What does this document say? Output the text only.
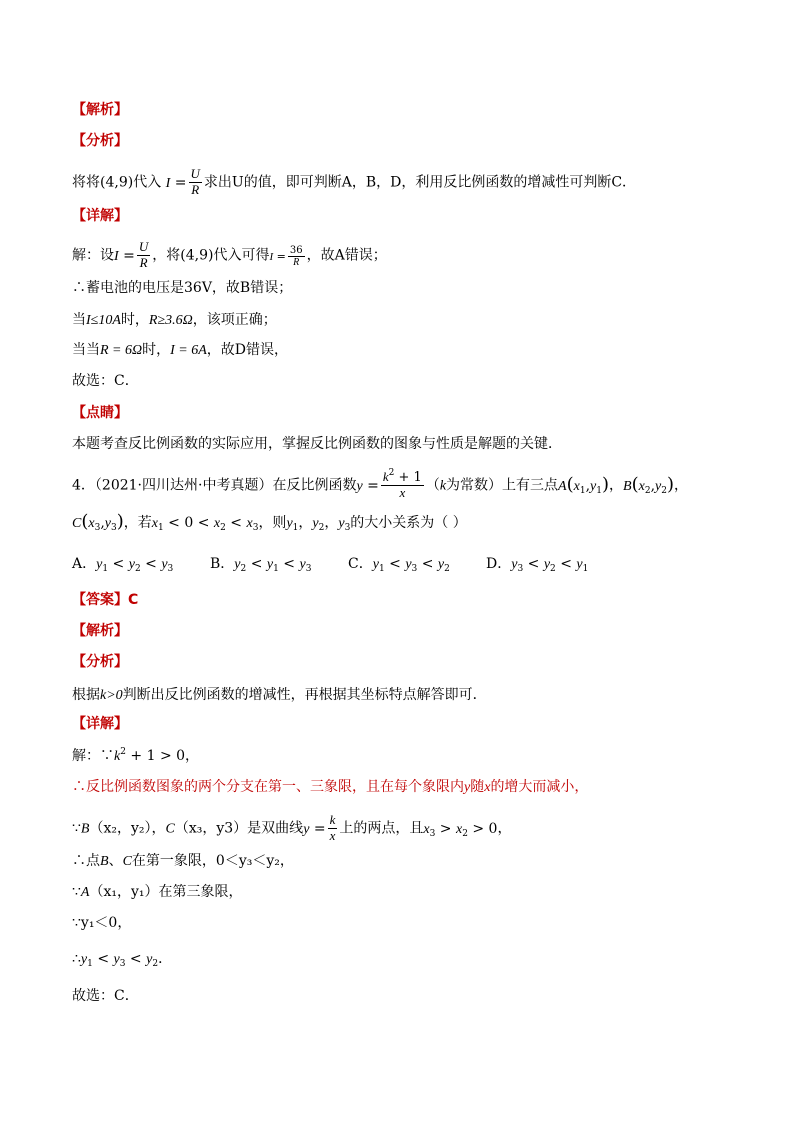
【解析】
【分析】
将将(4,9)代入 $I = \frac{U}{R}$ 求出U的值，即可判断A，B，D，利用反比例函数的增减性可判断C．
【详解】
解：设$I = \frac{U}{R}$ ，将(4,9)代入可得$I = \frac{36}{R}$ ，故A错误；
∴蓄电池的电压是36V，故B错误；
当I≤10A时，R≥3.6Ω，该项正确；
当当R = 6Ω时，I = 6A，故D错误，
故选：C．
【点睛】
本题考查反比例函数的实际应用，掌握反比例函数的图象与性质是解题的关键．
4．（2021·四川达州·中考真题）在反比例函数$y = \frac{k^2 + 1}{x} (k$为常数）上有三点$A(x_1,y_1)$，$B(x_2,y_2)$，
$C(x_3,y_3)$，若$x_1 < 0 < x_2 < x_3$，则$y_1$，$y_2$，$y_3$的大小关系为（ ）
A．$y_1 < y_2 < y_3$	B．$y_2 < y_1 < y_3$	C．$y_1 < y_3 < y_2$	D．$y_3 < y_2 < y_1$
【答案】C
【解析】
【分析】
根据k>0判断出反比例函数的增减性，再根据其坐标特点解答即可．
【详解】
解：$\because k^2 + 1 > 0$，
∴反比例函数图象的两个分支在第一、三象限，且在每个象限内y随x的增大而减小，
∵B（x₂，y₂），C（x₃，y3）是双曲线$y = \frac{k}{x}$ 上的两点，且$x_3 > x_2 > 0$，
∴点B、C在第一象限，0＜y₃＜y₂，
∵A（x₁，y₁）在第三象限，
∵y₁＜0，
$\therefore y_1 < y_3 < y_2$．
故选：C．
